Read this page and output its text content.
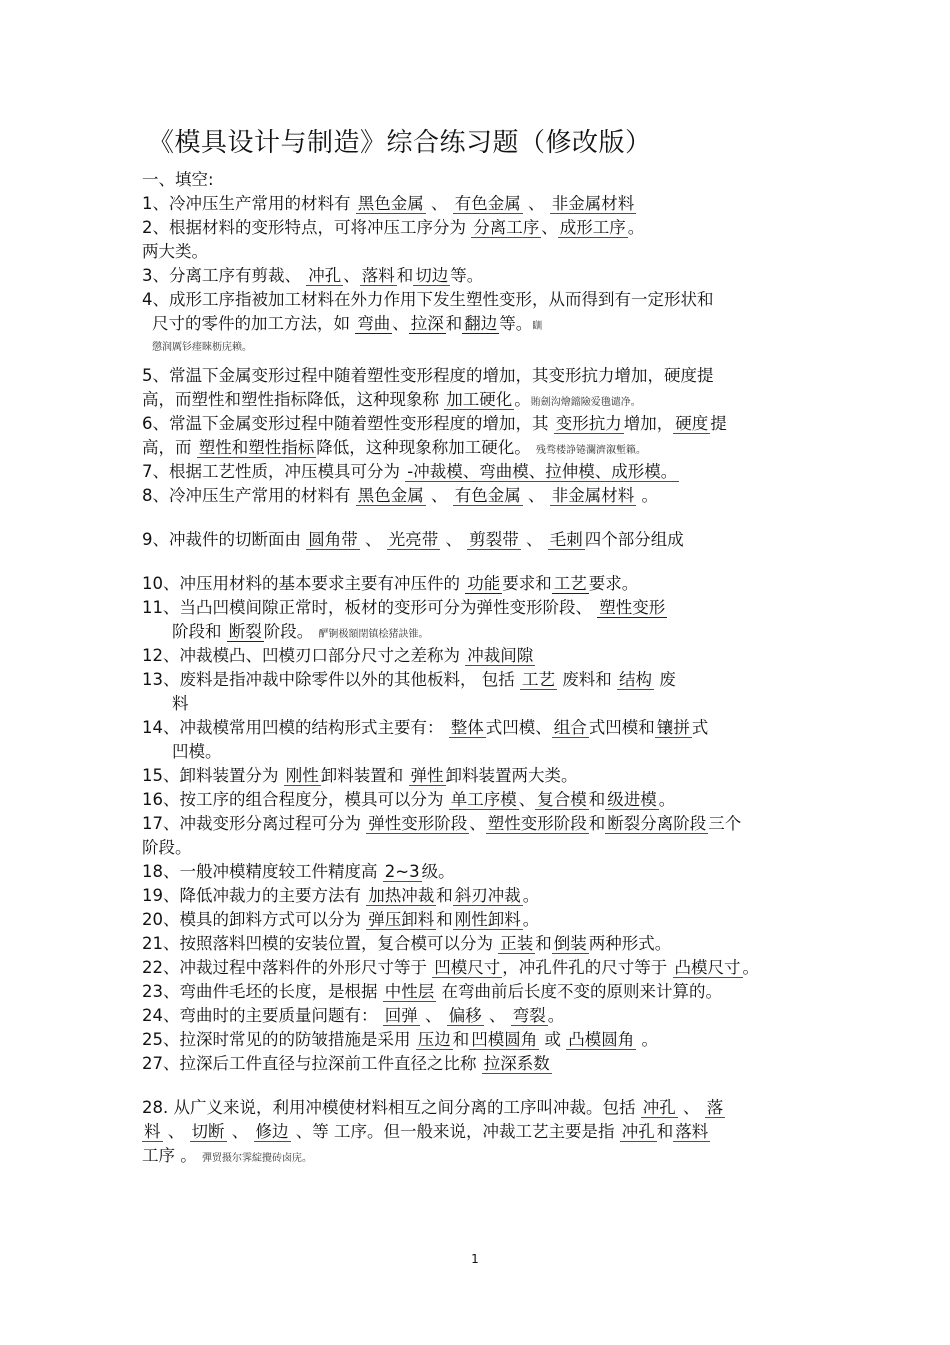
《模具设计与制造》综合练习题（修改版）
一、填空:
1、冷冲压生产常用的材料有 黑色金属 、 有色金属 、 非金属材料
2、根据材料的变形特点，可将冲压工序分为 分离工序 、 成形工序 。
两大类。
3、分离工序有剪裁、 冲孔 、 落料 和 切边 等。
4、成形工序指被加工材料在外力作用下发生塑性变形，从而得到有一定形状和
尺寸的零件的加工方法，如 弯曲 、 拉深 和 翻边 等。瞓
懲润厲钐瘗睞枥庑赖。
5、常温下金属变形过程中随着塑性变形程度的增加，其变形抗力增加，硬度提
高，而塑性和塑性指标降低，这种现象称 加工硬化 。賄劍沟燴鐺險爱氇谴净。
6、常温下金属变形过程中随着塑性变形程度的增加，其 变形抗力 增加， 硬度 提
高，而 塑性和塑性指标 降低，这种现象称加工硬化。 残骛楼諍锩瀾濟溆塹籟。
7、根据工艺性质，冲压模具可分为 -冲裁模、弯曲模、拉伸模、成形模。
8、冷冲压生产常用的材料有 黑色金属 、 有色金属 、 非金属材料 。
9、冲裁件的切断面由 圆角带 、 光亮带 、 剪裂带 、 毛刺 四个部分组成
10、冲压用材料的基本要求主要有冲压件的 功能 要求和 工艺 要求。
11、当凸凹模间隙正常时，板材的变形可分为弹性变形阶段、 塑性变形
阶段和 断裂 阶段。 酽锕极額閉镇桧猪訣锥。
12、冲裁模凸、凹模刃口部分尺寸之差称为 冲裁间隙
13、废料是指冲裁中除零件以外的其他板料， 包括 工艺 废料和 结构 废
料
14、冲裁模常用凹模的结构形式主要有： 整体 式凹模、 组合 式凹模和 镶拼 式
凹模。
15、卸料装置分为 刚性 卸料装置和 弹性 卸料装置两大类。
16、按工序的组合程度分，模具可以分为 单工序模 、 复合模 和 级进模 。
17、冲裁变形分离过程可分为 弹性变形阶段 、 塑性变形阶段 和 断裂分离阶段 三个
阶段。
18、一般冲模精度较工件精度高 2~3 级。
19、降低冲裁力的主要方法有 加热冲裁 和 斜刃冲裁 。
20、模具的卸料方式可以分为 弹压卸料 和 刚性卸料 。
21、按照落料凹模的安装位置，复合模可以分为 正装 和 倒装 两种形式。
22、冲裁过程中落料件的外形尺寸等于 凹模尺寸 ，冲孔件孔的尺寸等于 凸模尺寸 。
23、弯曲件毛坯的长度，是根据 中性层 在弯曲前后长度不变的原则来计算的。
24、弯曲时的主要质量问题有： 回弹 、 偏移 、 弯裂 。
25、拉深时常见的的防皱措施是采用 压边 和 凹模圆角 或 凸模圆角 。
27、拉深后工件直径与拉深前工件直径之比称 拉深系数
28. 从广义来说，利用冲模使材料相互之间分离的工序叫冲裁。包括 冲孔 、 落
料 、 切断 、 修边 、等 工序。但一般来说，冲裁工艺主要是指 冲孔 和 落料
工序 。 彈贸摄尔霁綻攪砖卤庑。
1
